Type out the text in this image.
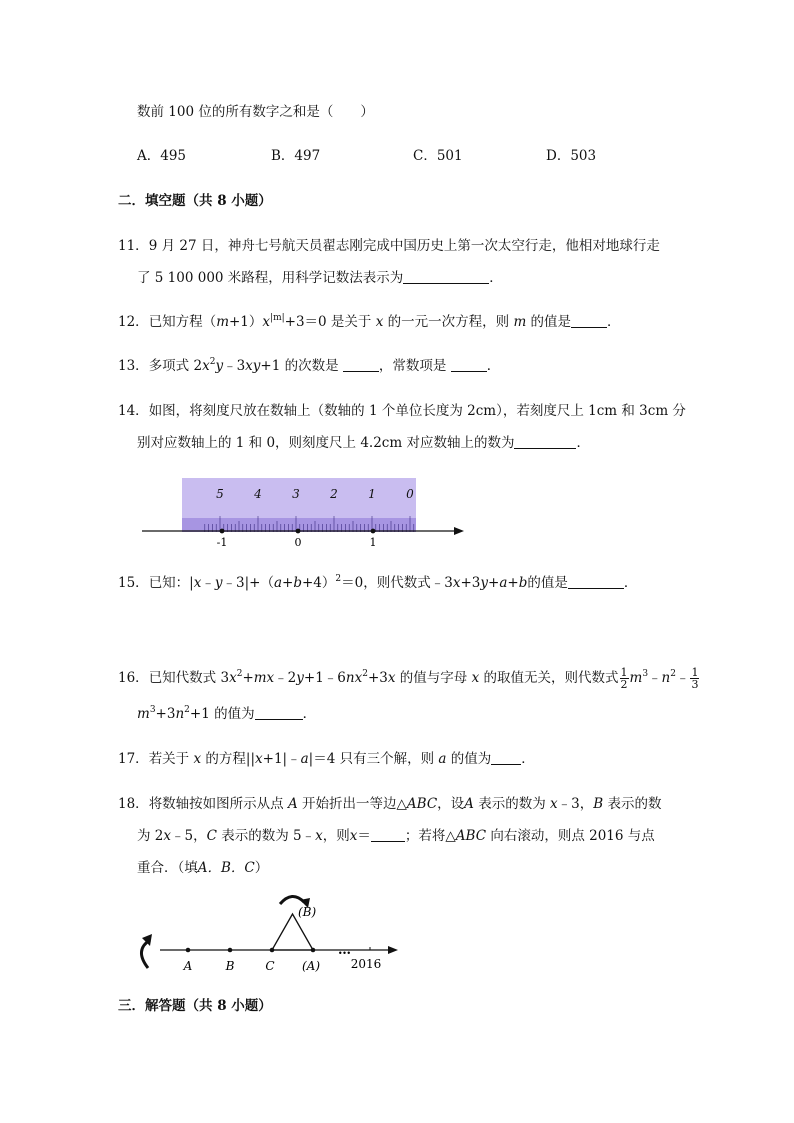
数前 100 位的所有数字之和是（　　）
A．495	B．497	C．501	D．503
二．填空题（共 8 小题）
11．9 月 27 日，神舟七号航天员翟志刚完成中国历史上第一次太空行走，他相对地球行走
了 5 100 000 米路程，用科学记数法表示为	．
12．已知方程$(m+1)x^{|m|}+3=0$ 是关于 x 的一元一次方程，则 m 的值是	．
13．多项式 $2x^2y﹣3xy+1$ 的次数是	，常数项是	．
14．如图，将刻度尺放在数轴上（数轴的 1 个单位长度为 2cm），若刻度尺上 1cm 和 3cm 分
别对应数轴上的 1 和 0，则刻度尺上 4.2cm 对应数轴上的数为	．
5	4	3	2	1	0
-1	0	1
15．已知：$|x﹣y﹣3|+(a+b+4)^2=0$，则代数式﹣3x+3y+a+b的值是	．
16．已知代数式 $3x^2+mx﹣2y+1﹣6nx^2+3x$ 的值与字母 x 的取值无关，则代数式 $\frac{1}{2}$ $m^3﹣n^2﹣ \frac{1}{3}$
$m^3+3n^2+1$ 的值为	．
17．若关于 x 的方程||x+1|﹣a|＝4 只有三个解，则 a 的值为 ．
18．将数轴按如图所示从点 A 开始折出一等边△ABC，设A 表示的数为 x﹣3，B 表示的数
为 2x﹣5，C 表示的数为 5﹣x，则x＝	；若将△ABC 向右滚动，则点 2016 与点
重合．（填A．B．C）
…
A	B	C (A)
(B)
2016
三．解答题（共 8 小题）
